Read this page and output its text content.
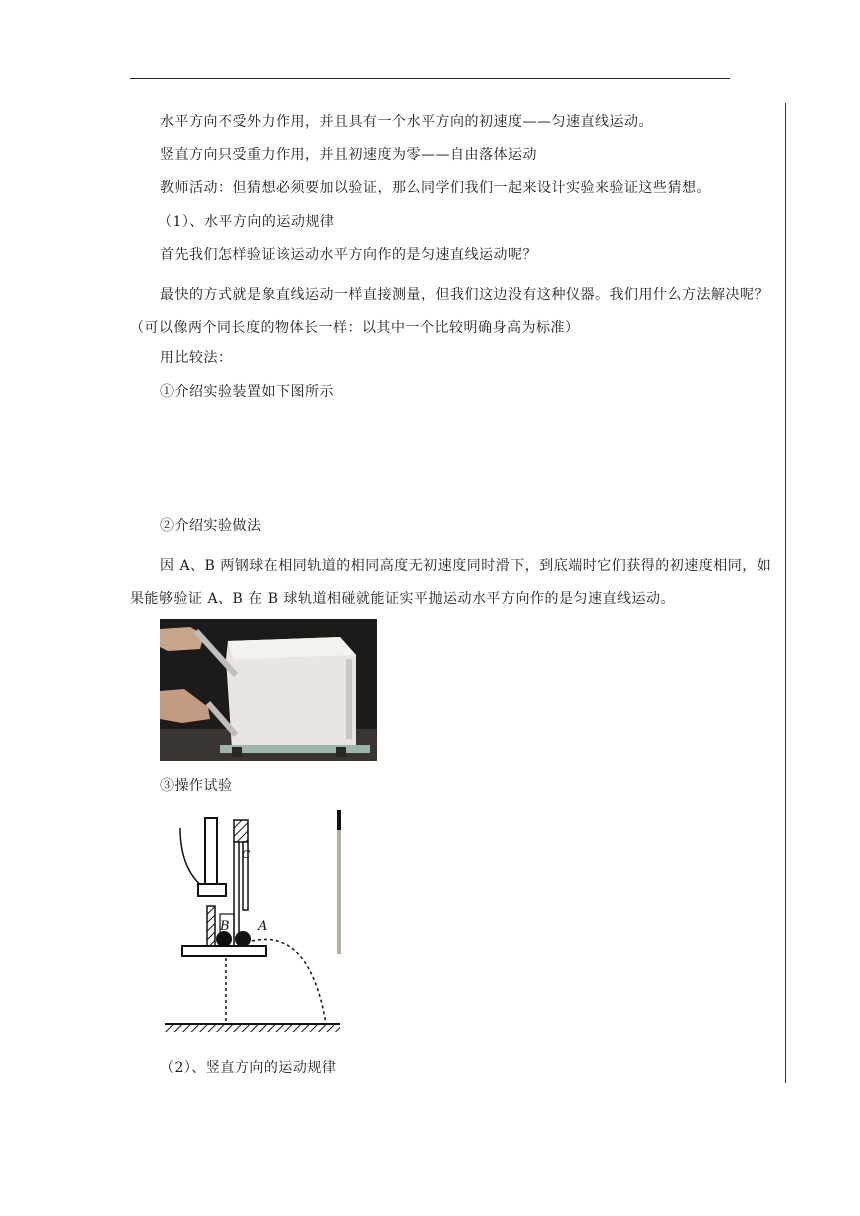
水平方向不受外力作用，并且具有一个水平方向的初速度——匀速直线运动。
竖直方向只受重力作用，并且初速度为零——自由落体运动
教师活动：但猜想必须要加以验证，那么同学们我们一起来设计实验来验证这些猜想。
（1）、水平方向的运动规律
首先我们怎样验证该运动水平方向作的是匀速直线运动呢？
最快的方式就是象直线运动一样直接测量，但我们这边没有这种仪器。我们用什么方法解决呢？（可以像两个同长度的物体长一样：以其中一个比较明确身高为标准）
用比较法：
①介绍实验装置如下图所示
②介绍实验做法
因 A、B 两钢球在相同轨道的相同高度无初速度同时滑下，到底端时它们获得的初速度相同，如果能够验证 A、B 在 B 球轨道相碰就能证实平抛运动水平方向作的是匀速直线运动。
③操作试验
C
B A
（2）、竖直方向的运动规律
